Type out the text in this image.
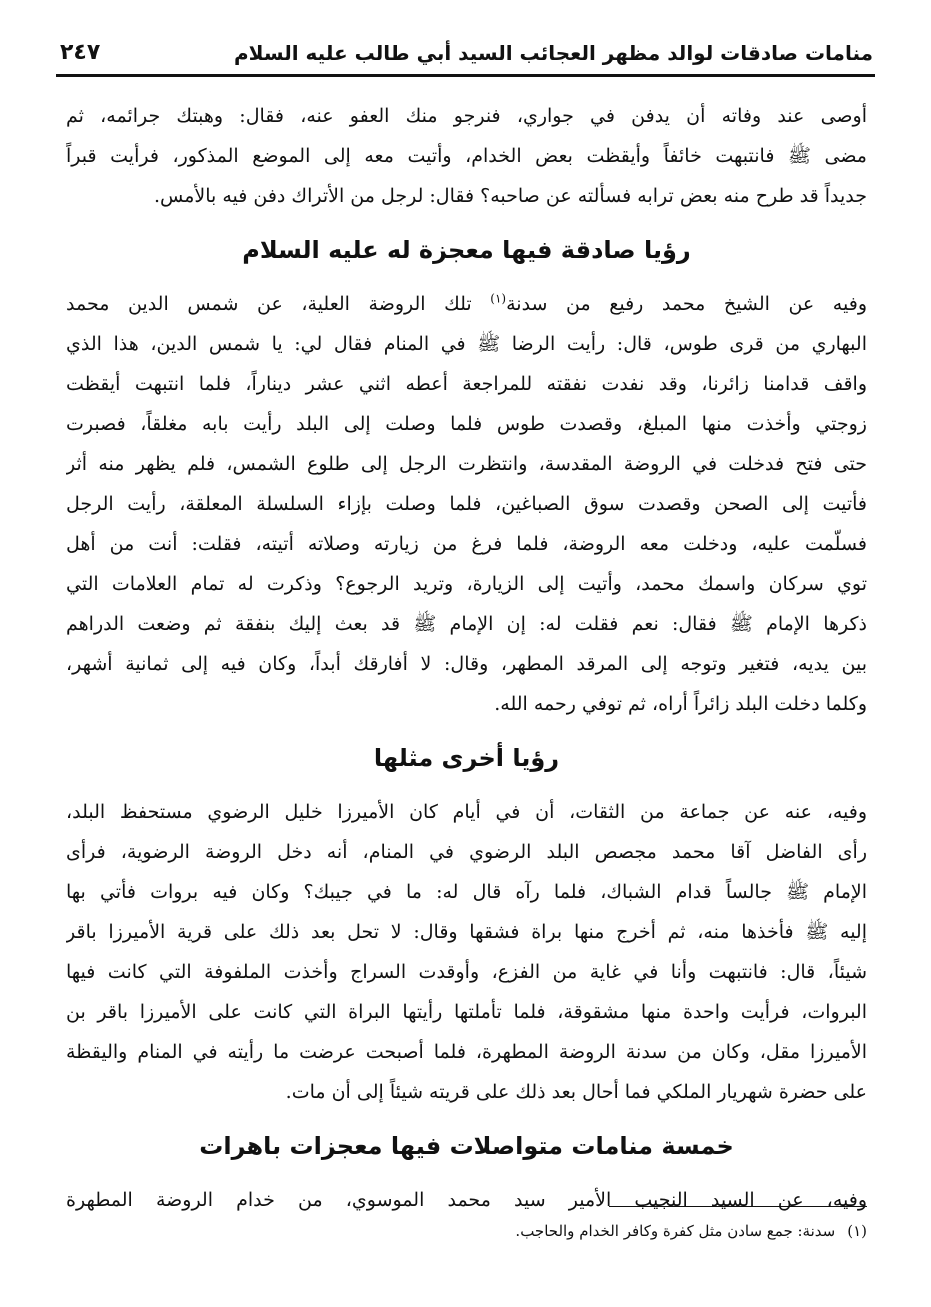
منامات صادقات لوالد مظهر العجائب السيد أبي طالب عليه السلام
٢٤٧

أوصى عند وفاته أن يدفن في جواري، فنرجو منك العفو عنه، فقال: وهبتك جرائمه، ثم
مضى ﷺ فانتبهت خائفاً وأيقظت بعض الخدام، وأتيت معه إلى الموضع المذكور، فرأيت قبراً
جديداً قد طرح منه بعض ترابه فسألته عن صاحبه؟ فقال: لرجل من الأتراك دفن فيه بالأمس.

رؤيا صادقة فيها معجزة له عليه السلام

وفيه عن الشيخ محمد رفيع من سدنة$^{(١)}$ تلك الروضة العلية، عن شمس الدين محمد
البهاري من قرى طوس، قال: رأيت الرضا ﷺ في المنام فقال لي: يا شمس الدين، هذا الذي
واقف قدامنا زائرنا، وقد نفدت نفقته للمراجعة أعطه اثني عشر ديناراً، فلما انتبهت أيقظت
زوجتي وأخذت منها المبلغ، وقصدت طوس فلما وصلت إلى البلد رأيت بابه مغلقاً، فصبرت
حتى فتح فدخلت في الروضة المقدسة، وانتظرت الرجل إلى طلوع الشمس، فلم يظهر منه أثر
فأتيت إلى الصحن وقصدت سوق الصباغين، فلما وصلت بإزاء السلسلة المعلقة، رأيت الرجل
فسلّمت عليه، ودخلت معه الروضة، فلما فرغ من زيارته وصلاته أتيته، فقلت: أنت من أهل
توي سركان واسمك محمد، وأتيت إلى الزيارة، وتريد الرجوع؟ وذكرت له تمام العلامات التي
ذكرها الإمام ﷺ فقال: نعم فقلت له: إن الإمام ﷺ قد بعث إليك بنفقة ثم وضعت الدراهم
بين يديه، فتغير وتوجه إلى المرقد المطهر، وقال: لا أفارقك أبداً، وكان فيه إلى ثمانية أشهر،
وكلما دخلت البلد زائراً أراه، ثم توفي رحمه الله.

رؤيا أخرى مثلها

وفيه، عنه عن جماعة من الثقات، أن في أيام كان الأميرزا خليل الرضوي مستحفظ البلد،
رأى الفاضل آقا محمد مجصص البلد الرضوي في المنام، أنه دخل الروضة الرضوية، فرأى
الإمام ﷺ جالساً قدام الشباك، فلما رآه قال له: ما في جيبك؟ وكان فيه بروات فأتي بها
إليه ﷺ فأخذها منه، ثم أخرج منها براة فشقها وقال: لا تحل بعد ذلك على قرية الأميرزا باقر
شيئاً، قال: فانتبهت وأنا في غاية من الفزع، وأوقدت السراج وأخذت الملفوفة التي كانت فيها
البروات، فرأيت واحدة منها مشقوقة، فلما تأملتها رأيتها البراة التي كانت على الأميرزا باقر بن
الأميرزا مقل، وكان من سدنة الروضة المطهرة، فلما أصبحت عرضت ما رأيته في المنام واليقظة
على حضرة شهريار الملكي فما أحال بعد ذلك على قريته شيئاً إلى أن مات.

خمسة منامات متواصلات فيها معجزات باهرات

وفيه، عن السيد النجيب الأمير سيد محمد الموسوي، من خدام الروضة المطهرة

(١)سدنة: جمع سادن مثل كفرة وكافر الخدام والحاجب.
